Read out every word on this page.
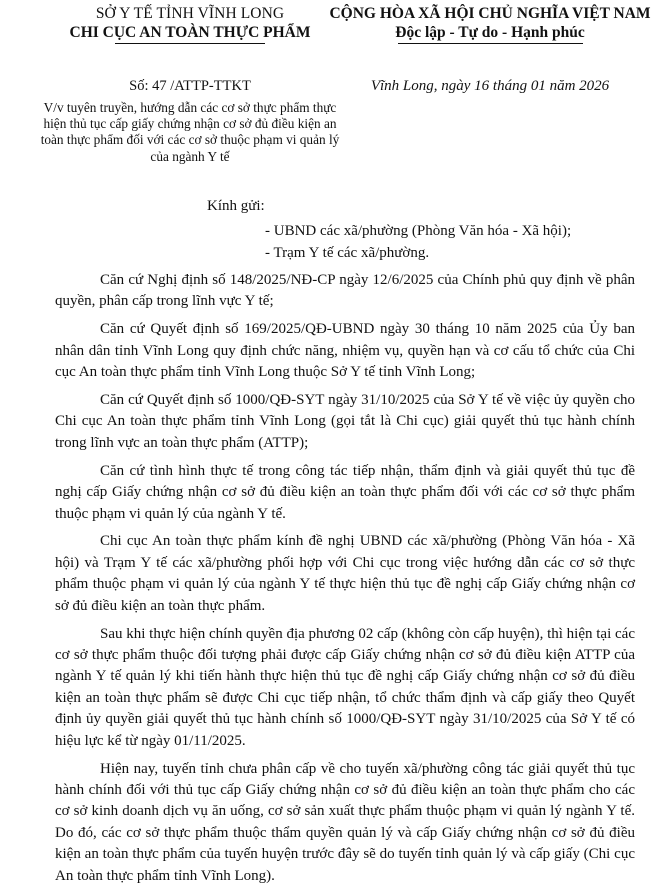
SỞ Y TẾ TỈNH VĨNH LONG
CHI CỤC AN TOÀN THỰC PHẨM
CỘNG HÒA XÃ HỘI CHỦ NGHĨA VIỆT NAM
Độc lập - Tự do - Hạnh phúc
Số: 47 /ATTP-TTKT	Vĩnh Long, ngày 16 tháng 01 năm 2026
V/v tuyên truyền, hướng dẫn các cơ sở thực phẩm thực hiện thủ tục cấp giấy chứng nhận cơ sở đủ điều kiện an toàn thực phẩm đối với các cơ sở thuộc phạm vi quản lý của ngành Y tế
Kính gửi:
- UBND các xã/phường (Phòng Văn hóa - Xã hội);
- Trạm Y tế các xã/phường.

Căn cứ Nghị định số 148/2025/NĐ-CP ngày 12/6/2025 của Chính phủ quy định về phân quyền, phân cấp trong lĩnh vực Y tế;

Căn cứ Quyết định số 169/2025/QĐ-UBND ngày 30 tháng 10 năm 2025 của Ủy ban nhân dân tỉnh Vĩnh Long quy định chức năng, nhiệm vụ, quyền hạn và cơ cấu tổ chức của Chi cục An toàn thực phẩm tỉnh Vĩnh Long thuộc Sở Y tế tỉnh Vĩnh Long;

Căn cứ Quyết định số 1000/QĐ-SYT ngày 31/10/2025 của Sở Y tế về việc ủy quyền cho Chi cục An toàn thực phẩm tỉnh Vĩnh Long (gọi tắt là Chi cục) giải quyết thủ tục hành chính trong lĩnh vực an toàn thực phẩm (ATTP);

Căn cứ tình hình thực tế trong công tác tiếp nhận, thẩm định và giải quyết thủ tục đề nghị cấp Giấy chứng nhận cơ sở đủ điều kiện an toàn thực phẩm đối với các cơ sở thực phẩm thuộc phạm vi quản lý của ngành Y tế.

Chi cục An toàn thực phẩm kính đề nghị UBND các xã/phường (Phòng Văn hóa - Xã hội) và Trạm Y tế các xã/phường phối hợp với Chi cục trong việc hướng dẫn các cơ sở thực phẩm thuộc phạm vi quản lý của ngành Y tế thực hiện thủ tục đề nghị cấp Giấy chứng nhận cơ sở đủ điều kiện an toàn thực phẩm.

Sau khi thực hiện chính quyền địa phương 02 cấp (không còn cấp huyện), thì hiện tại các cơ sở thực phẩm thuộc đối tượng phải được cấp Giấy chứng nhận cơ sở đủ điều kiện ATTP của ngành Y tế quản lý khi tiến hành thực hiện thủ tục đề nghị cấp Giấy chứng nhận cơ sở đủ điều kiện an toàn thực phẩm sẽ được Chi cục tiếp nhận, tổ chức thẩm định và cấp giấy theo Quyết định ủy quyền giải quyết thủ tục hành chính số 1000/QĐ-SYT ngày 31/10/2025 của Sở Y tế có hiệu lực kể từ ngày 01/11/2025.

Hiện nay, tuyến tỉnh chưa phân cấp về cho tuyến xã/phường công tác giải quyết thủ tục hành chính đối với thủ tục cấp Giấy chứng nhận cơ sở đủ điều kiện an toàn thực phẩm cho các cơ sở kinh doanh dịch vụ ăn uống, cơ sở sản xuất thực phẩm thuộc phạm vi quản lý ngành Y tế. Do đó, các cơ sở thực phẩm thuộc thẩm quyền quản lý và cấp Giấy chứng nhận cơ sở đủ điều kiện an toàn thực phẩm của tuyến huyện trước đây sẽ do tuyến tỉnh quản lý và cấp giấy (Chi cục An toàn thực phẩm tỉnh Vĩnh Long).
